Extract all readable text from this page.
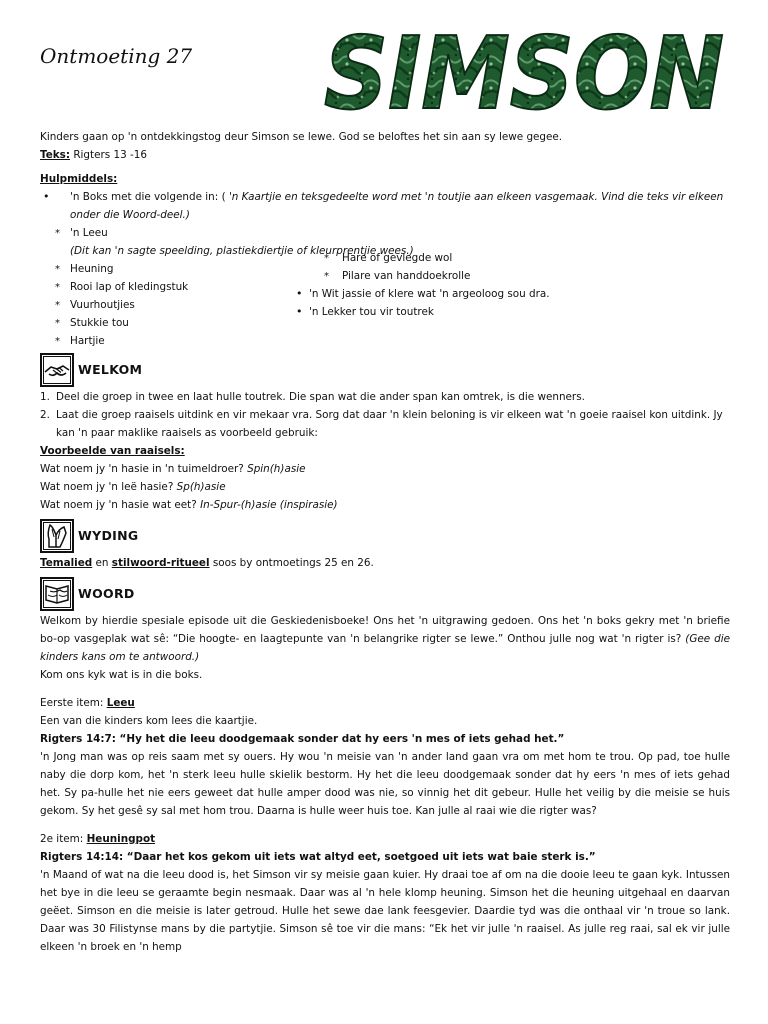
Ontmoeting 27 SIMSON

Kinders gaan op 'n ontdekkingstog deur Simson se lewe. God se beloftes het sin aan sy lewe gegee.

Teks: Rigters 13 -16

Hulpmiddels:

• 'n Boks met die volgende in: ( 'n Kaartjie en teksgedeelte word met 'n toutjie aan elkeen vasgemaak. Vind die teks vir elkeen onder die Woord-deel.)
* 'n Leeu (Dit kan 'n sagte speelding, plastiekdiertjie of kleurprentjie wees.)
* Heuning
* Rooi lap of kledingstuk
* Vuurhoutjies
* Stukkie tou
* Hartjie
* Hare of gevlegde wol
* Pilare van handdoekrolle
• 'n Wit jassie of klere wat 'n argeoloog sou dra.
• 'n Lekker tou vir toutrek
WELKOM
1. Deel die groep in twee en laat hulle toutrek. Die span wat die ander span kan omtrek, is die wenners.
2. Laat die groep raaisels uitdink en vir mekaar vra. Sorg dat daar 'n klein beloning is vir elkeen wat 'n goeie raaisel kon uitdink. Jy kan 'n paar maklike raaisels as voorbeeld gebruik:

Voorbeelde van raaisels:

Wat noem jy 'n hasie in 'n tuimeldroer? Spin(h)asie

Wat noem jy 'n leë hasie? Sp(h)asie

Wat noem jy 'n hasie wat eet? In-Spur-(h)asie (inspirasie)

WYDING

Temalied en stilwoord-ritueel soos by ontmoetings 25 en 26.

WOORD

Welkom by hierdie spesiale episode uit die Geskiedenisboeke! Ons het 'n uitgrawing gedoen. Ons het 'n boks gekry met 'n briefie bo-op vasgeplak wat sê: “Die hoogte- en laagtepunte van 'n belangrike rigter se lewe.” Onthou julle nog wat 'n rigter is? (Gee die kinders kans om te antwoord.)

Kom ons kyk wat is in die boks.

Eerste item: Leeu

Een van die kinders kom lees die kaartjie.

Rigters 14:7: “Hy het die leeu doodgemaak sonder dat hy eers 'n mes of iets gehad het.”

'n Jong man was op reis saam met sy ouers. Hy wou 'n meisie van 'n ander land gaan vra om met hom te trou. Op pad, toe hulle naby die dorp kom, het 'n sterk leeu hulle skielik bestorm. Hy het die leeu doodgemaak sonder dat hy eers 'n mes of iets gehad het. Sy pa-hulle het nie eers geweet dat hulle amper dood was nie, so vinnig het dit gebeur. Hulle het veilig by die meisie se huis gekom. Sy het gesê sy sal met hom trou. Daarna is hulle weer huis toe. Kan julle al raai wie die rigter was?

2e item: Heuningpot

Rigters 14:14: “Daar het kos gekom uit iets wat altyd eet, soetgoed uit iets wat baie sterk is.”

'n Maand of wat na die leeu dood is, het Simson vir sy meisie gaan kuier. Hy draai toe af om na die dooie leeu te gaan kyk. Intussen het bye in die leeu se geraamte begin nesmaak. Daar was al 'n hele klomp heuning. Simson het die heuning uitgehaal en daarvan geëet. Simson en die meisie is later getroud. Hulle het sewe dae lank feesgevier. Daardie tyd was die onthaal vir 'n troue so lank. Daar was 30 Filistynse mans by die partytjie. Simson sê toe vir die mans: “Ek het vir julle 'n raaisel. As julle reg raai, sal ek vir julle elkeen 'n broek en 'n hemp
